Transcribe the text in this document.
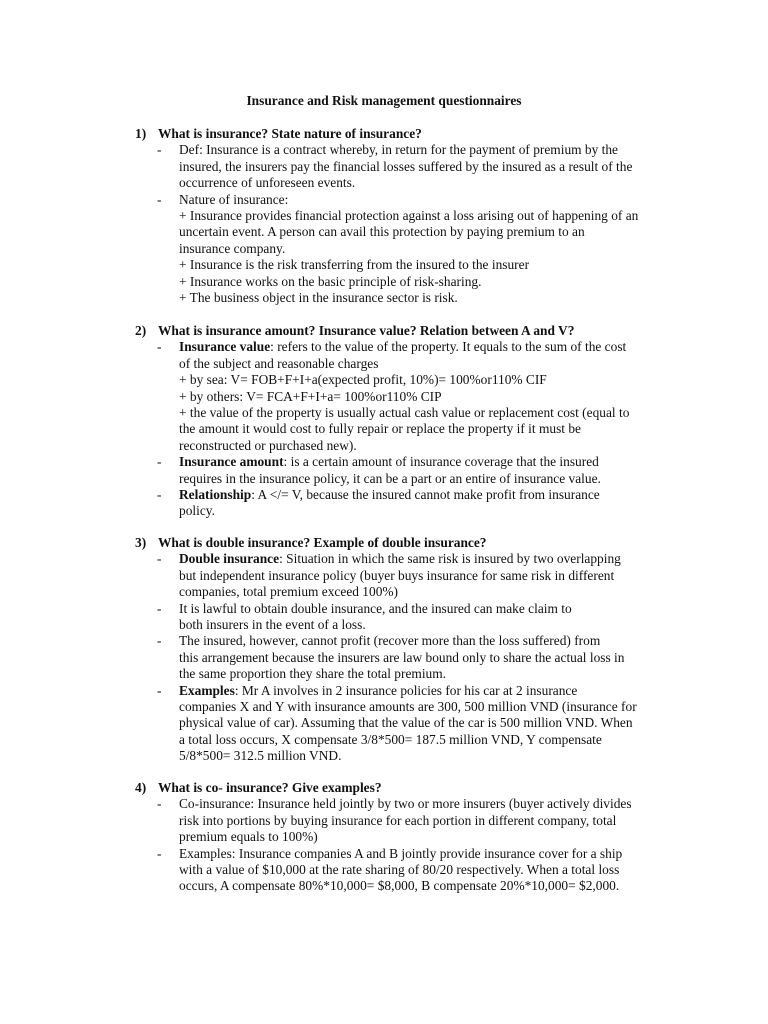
Insurance and Risk management questionnaires

1) What is insurance? State nature of insurance?

-	Def: Insurance is a contract whereby, in return for the payment of premium by the
insured, the insurers pay the financial losses suffered by the insured as a result of the
occurrence of unforeseen events.
-	Nature of insurance:
+ Insurance provides financial protection against a loss arising out of happening of an
uncertain event. A person can avail this protection by paying premium to an
insurance company.
+ Insurance is the risk transferring from the insured to the insurer
+ Insurance works on the basic principle of risk-sharing.
+ The business object in the insurance sector is risk.

2) What is insurance amount? Insurance value? Relation between A and V?

-	Insurance value: refers to the value of the property. It equals to the sum of the cost
of the subject and reasonable charges
+ by sea: V= FOB+F+I+a(expected profit, 10%)= 100%or110% CIF
+ by others: V= FCA+F+I+a= 100%or110% CIP
+ the value of the property is usually actual cash value or replacement cost (equal to
the amount it would cost to fully repair or replace the property if it must be
reconstructed or purchased new).
-	Insurance amount: is a certain amount of insurance coverage that the insured
requires in the insurance policy, it can be a part or an entire of insurance value.
-	Relationship: A </= V, because the insured cannot make profit from insurance
policy.

3) What is double insurance? Example of double insurance?

-	Double insurance: Situation in which the same risk is insured by two overlapping
but independent insurance policy (buyer buys insurance for same risk in different
companies, total premium exceed 100%)
-	It is lawful to obtain double insurance, and the insured can make claim to
both insurers in the event of a loss.
-	The insured, however, cannot profit (recover more than the loss suffered) from
this arrangement because the insurers are law bound only to share the actual loss in
the same proportion they share the total premium.
-	Examples: Mr A involves in 2 insurance policies for his car at 2 insurance
companies X and Y with insurance amounts are 300, 500 million VND (insurance for
physical value of car). Assuming that the value of the car is 500 million VND. When
a total loss occurs, X compensate 3/8*500= 187.5 million VND, Y compensate
5/8*500= 312.5 million VND.

4) What is co- insurance? Give examples?

-	Co-insurance: Insurance held jointly by two or more insurers (buyer actively divides
risk into portions by buying insurance for each portion in different company, total
premium equals to 100%)
-	Examples: Insurance companies A and B jointly provide insurance cover for a ship
with a value of $10,000 at the rate sharing of 80/20 respectively. When a total loss
occurs, A compensate 80%*10,000= $8,000, B compensate 20%*10,000= $2,000.
